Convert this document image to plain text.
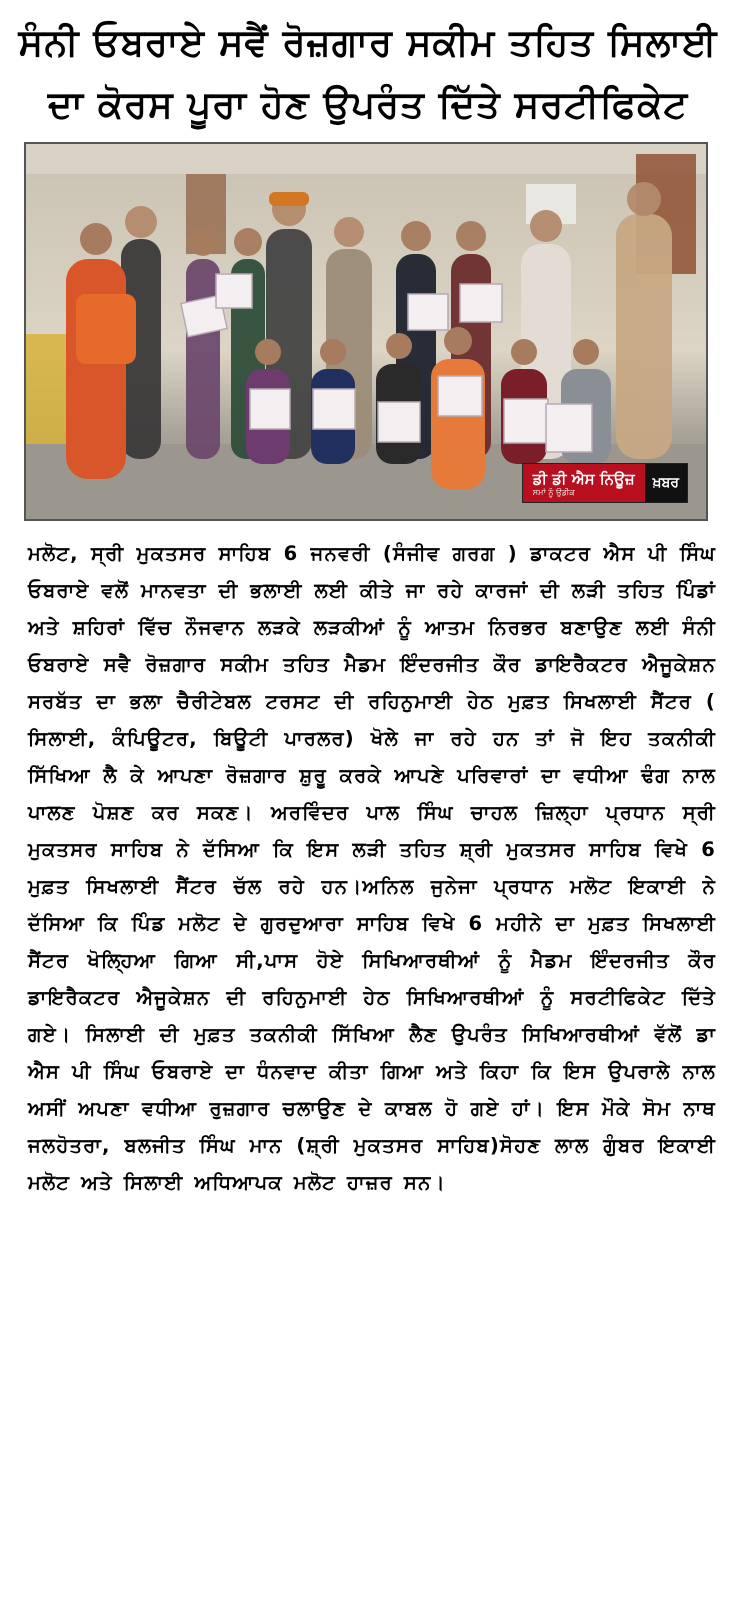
ਸੰਨੀ ਓਬਰਾਏ ਸਵੈਂ ਰੋਜ਼ਗਾਰ ਸਕੀਮ ਤਹਿਤ ਸਿਲਾਈ ਦਾ ਕੋਰਸ ਪੂਰਾ ਹੋਣ ਉਪਰੰਤ ਦਿੱਤੇ ਸਰਟੀਫਿਕੇਟ
ਡੀ ਡੀ ਐਸ ਨਿਊਜ਼
ਸਮਾਂ ਨੂੰ ਉਡੀਕ
ਖ਼ਬਰ
ਮਲੋਟ, ਸ੍ਰੀ ਮੁਕਤਸਰ ਸਾਹਿਬ 6 ਜਨਵਰੀ (ਸੰਜੀਵ ਗਰਗ ) ਡਾਕਟਰ ਐਸ ਪੀ ਸਿੰਘ ਓਬਰਾਏ ਵਲੋਂ ਮਾਨਵਤਾ ਦੀ ਭਲਾਈ ਲਈ ਕੀਤੇ ਜਾ ਰਹੇ ਕਾਰਜਾਂ ਦੀ ਲੜੀ ਤਹਿਤ ਪਿੰਡਾਂ ਅਤੇ ਸ਼ਹਿਰਾਂ ਵਿੱਚ ਨੌਜਵਾਨ ਲੜਕੇ ਲੜਕੀਆਂ ਨੂੰ ਆਤਮ ਨਿਰਭਰ ਬਣਾਉਣ ਲਈ ਸੰਨੀ ਓਬਰਾਏ ਸਵੈ ਰੋਜ਼ਗਾਰ ਸਕੀਮ ਤਹਿਤ ਮੈਡਮ ਇੰਦਰਜੀਤ ਕੌਰ ਡਾਇਰੈਕਟਰ ਐਜੂਕੇਸ਼ਨ ਸਰਬੱਤ ਦਾ ਭਲਾ ਚੈਰੀਟੇਬਲ ਟਰਸਟ ਦੀ ਰਹਿਨੁਮਾਈ ਹੇਠ ਮੁਫ਼ਤ ਸਿਖਲਾਈ ਸੈਂਟਰ ( ਸਿਲਾਈ, ਕੰਪਿਊਟਰ, ਬਿਊਟੀ ਪਾਰਲਰ) ਖੋਲੇ ਜਾ ਰਹੇ ਹਨ ਤਾਂ ਜੋ ਇਹ ਤਕਨੀਕੀ ਸਿੱਖਿਆ ਲੈ ਕੇ ਆਪਣਾ ਰੋਜ਼ਗਾਰ ਸ਼ੁਰੂ ਕਰਕੇ ਆਪਣੇ ਪਰਿਵਾਰਾਂ ਦਾ ਵਧੀਆ ਢੰਗ ਨਾਲ ਪਾਲਣ ਪੋਸ਼ਣ ਕਰ ਸਕਣ। ਅਰਵਿੰਦਰ ਪਾਲ ਸਿੰਘ ਚਾਹਲ ਜ਼ਿਲ੍ਹਾ ਪ੍ਰਧਾਨ ਸ੍ਰੀ ਮੁਕਤਸਰ ਸਾਹਿਬ ਨੇ ਦੱਸਿਆ ਕਿ ਇਸ ਲੜੀ ਤਹਿਤ ਸ਼੍ਰੀ ਮੁਕਤਸਰ ਸਾਹਿਬ ਵਿਖੇ 6 ਮੁਫ਼ਤ ਸਿਖਲਾਈ ਸੈਂਟਰ ਚੱਲ ਰਹੇ ਹਨ।ਅਨਿਲ ਜੁਨੇਜਾ ਪ੍ਰਧਾਨ ਮਲੋਟ ਇਕਾਈ ਨੇ ਦੱਸਿਆ ਕਿ ਪਿੰਡ ਮਲੋਟ ਦੇ ਗੁਰਦੁਆਰਾ ਸਾਹਿਬ ਵਿਖੇ 6 ਮਹੀਨੇ ਦਾ ਮੁਫ਼ਤ ਸਿਖਲਾਈ ਸੈਂਟਰ ਖੋਲ੍ਹਿਆ ਗਿਆ ਸੀ,ਪਾਸ ਹੋਏ ਸਿਖਿਆਰਥੀਆਂ ਨੂੰ ਮੈਡਮ ਇੰਦਰਜੀਤ ਕੌਰ ਡਾਇਰੈਕਟਰ ਐਜੂਕੇਸ਼ਨ ਦੀ ਰਹਿਨੁਮਾਈ ਹੇਠ ਸਿਖਿਆਰਥੀਆਂ ਨੂੰ ਸਰਟੀਫਿਕੇਟ ਦਿੱਤੇ ਗਏ। ਸਿਲਾਈ ਦੀ ਮੁਫ਼ਤ ਤਕਨੀਕੀ ਸਿੱਖਿਆ ਲੈਣ ਉਪਰੰਤ ਸਿਖਿਆਰਥੀਆਂ ਵੱਲੋਂ ਡਾ ਐਸ ਪੀ ਸਿੰਘ ਓਬਰਾਏ ਦਾ ਧੰਨਵਾਦ ਕੀਤਾ ਗਿਆ ਅਤੇ ਕਿਹਾ ਕਿ ਇਸ ਉਪਰਾਲੇ ਨਾਲ ਅਸੀਂ ਅਪਣਾ ਵਧੀਆ ਰੁਜ਼ਗਾਰ ਚਲਾਉਣ ਦੇ ਕਾਬਲ ਹੋ ਗਏ ਹਾਂ। ਇਸ ਮੌਕੇ ਸੋਮ ਨਾਥ ਜਲਹੋਤਰਾ, ਬਲਜੀਤ ਸਿੰਘ ਮਾਨ (ਸ਼੍ਰੀ ਮੁਕਤਸਰ ਸਾਹਿਬ)ਸੋਹਣ ਲਾਲ ਗੁੰਬਰ ਇਕਾਈ ਮਲੋਟ ਅਤੇ ਸਿਲਾਈ ਅਧਿਆਪਕ ਮਲੋਟ ਹਾਜ਼ਰ ਸਨ।
